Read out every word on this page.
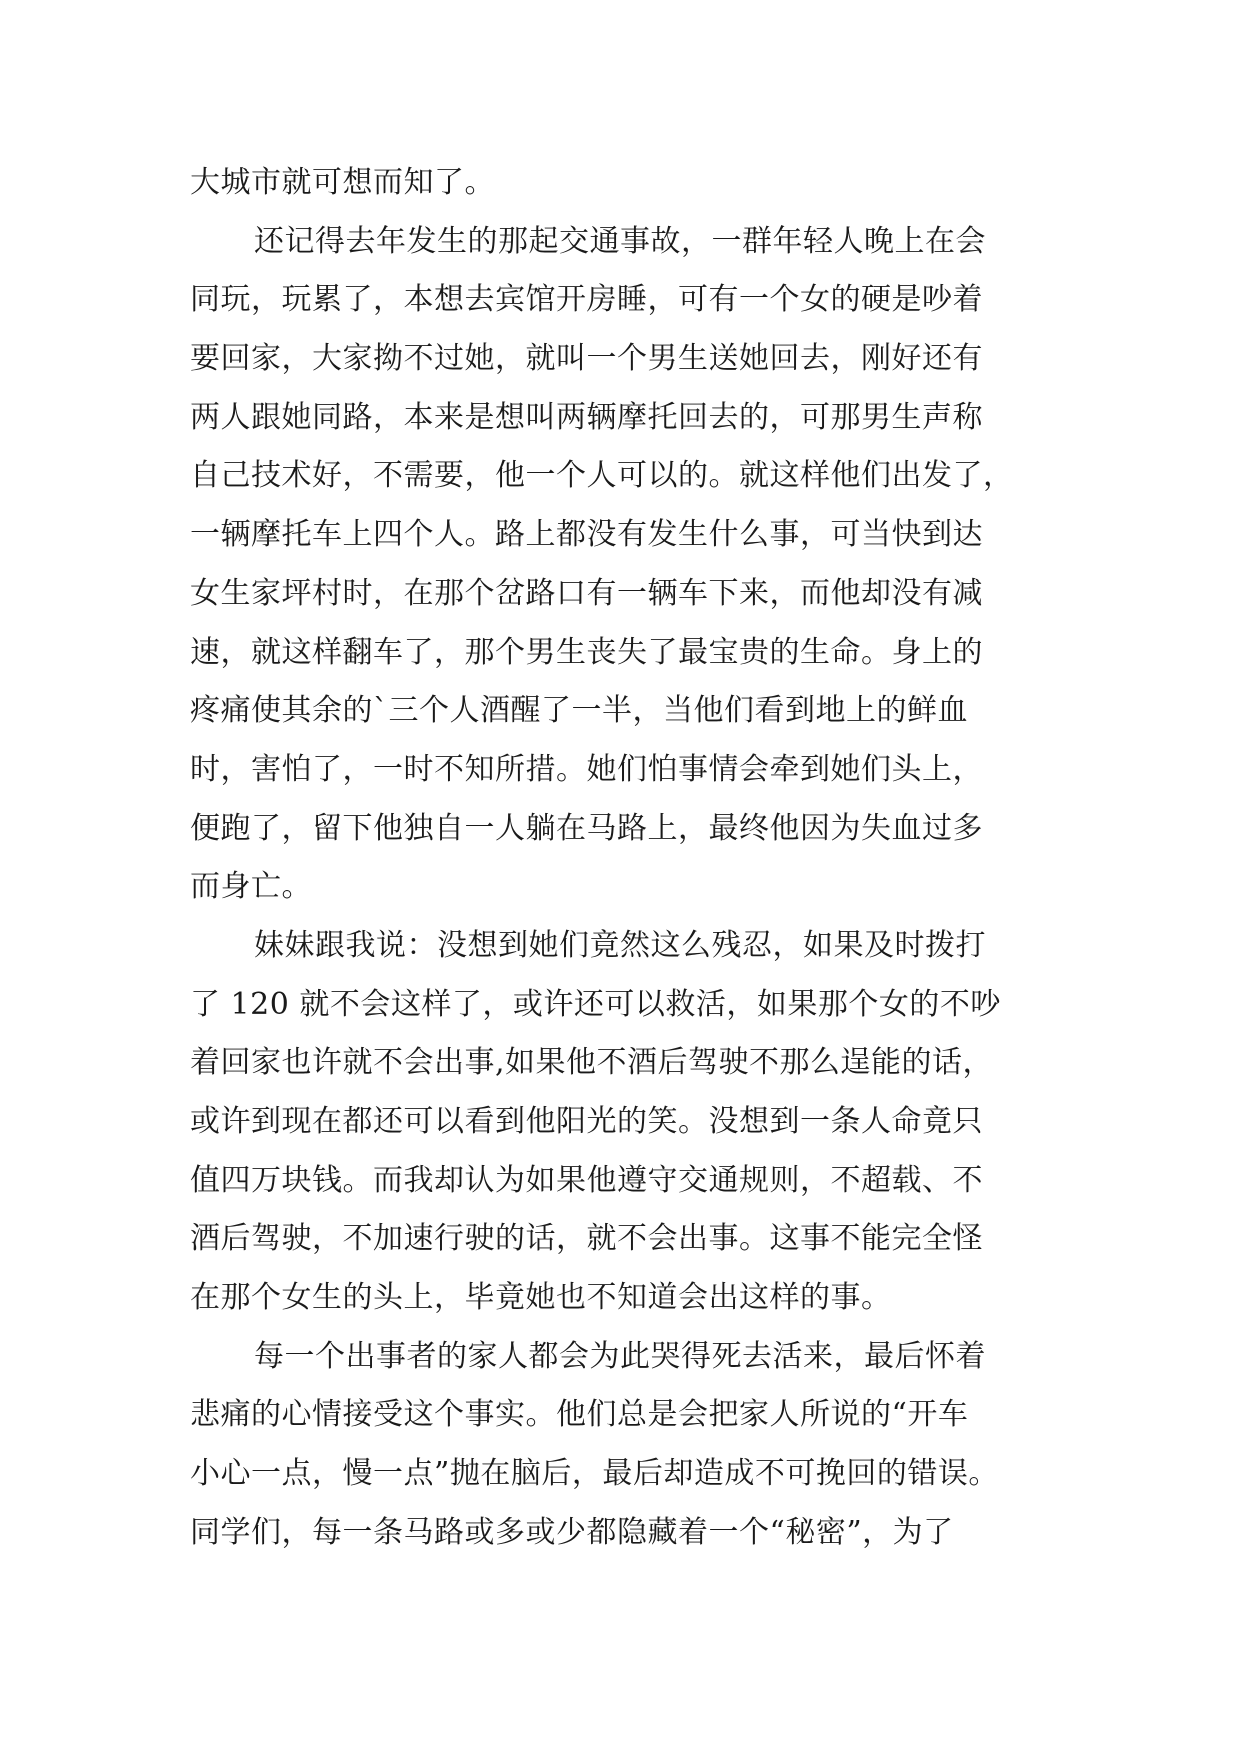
大城市就可想而知了。
还记得去年发生的那起交通事故，一群年轻人晚上在会
同玩，玩累了，本想去宾馆开房睡，可有一个女的硬是吵着
要回家，大家拗不过她，就叫一个男生送她回去，刚好还有
两人跟她同路，本来是想叫两辆摩托回去的，可那男生声称
自己技术好，不需要，他一个人可以的。就这样他们出发了，
一辆摩托车上四个人。路上都没有发生什么事，可当快到达
女生家坪村时，在那个岔路口有一辆车下来，而他却没有减
速，就这样翻车了，那个男生丧失了最宝贵的生命。身上的
疼痛使其余的`三个人酒醒了一半，当他们看到地上的鲜血
时，害怕了，一时不知所措。她们怕事情会牵到她们头上，
便跑了，留下他独自一人躺在马路上，最终他因为失血过多
而身亡。
妹妹跟我说：没想到她们竟然这么残忍，如果及时拨打
了 120 就不会这样了，或许还可以救活，如果那个女的不吵
着回家也许就不会出事,如果他不酒后驾驶不那么逞能的话，
或许到现在都还可以看到他阳光的笑。没想到一条人命竟只
值四万块钱。而我却认为如果他遵守交通规则，不超载、不
酒后驾驶，不加速行驶的话，就不会出事。这事不能完全怪
在那个女生的头上，毕竟她也不知道会出这样的事。
每一个出事者的家人都会为此哭得死去活来，最后怀着
悲痛的心情接受这个事实。他们总是会把家人所说的“开车
小心一点，慢一点”抛在脑后，最后却造成不可挽回的错误。
同学们，每一条马路或多或少都隐藏着一个“秘密”，为了
